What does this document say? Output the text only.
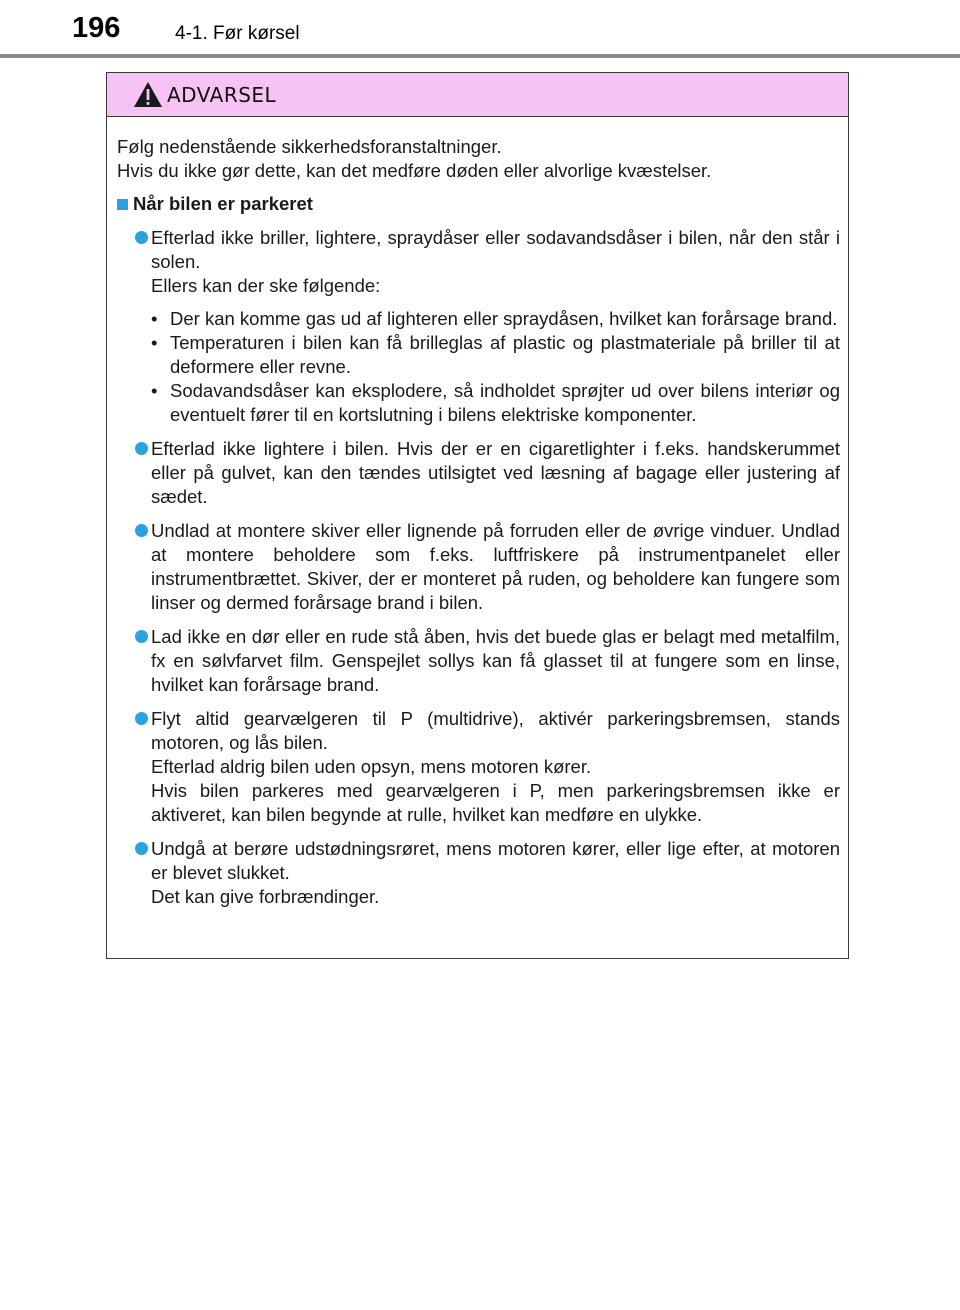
196	4-1. Før kørsel
ADVARSEL

Følg nedenstående sikkerhedsforanstaltninger.

Hvis du ikke gør dette, kan det medføre døden eller alvorlige kvæstelser.

Når bilen er parkeret

Efterlad ikke briller, lightere, spraydåser eller sodavandsdåser i bilen, når den står i solen.

Ellers kan der ske følgende:

• Der kan komme gas ud af lighteren eller spraydåsen, hvilket kan forårsage brand.
• Temperaturen i bilen kan få brilleglas af plastic og plastmateriale på briller til at deformere eller revne.
• Sodavandsdåser kan eksplodere, så indholdet sprøjter ud over bilens interiør og eventuelt fører til en kortslutning i bilens elektriske komponenter.

Efterlad ikke lightere i bilen. Hvis der er en cigaretlighter i f.eks. handskerummet eller på gulvet, kan den tændes utilsigtet ved læsning af bagage eller justering af sædet.

Undlad at montere skiver eller lignende på forruden eller de øvrige vinduer. Undlad at montere beholdere som f.eks. luftfriskere på instrumentpanelet eller instrumentbrættet. Skiver, der er monteret på ruden, og beholdere kan fungere som linser og dermed forårsage brand i bilen.

Lad ikke en dør eller en rude stå åben, hvis det buede glas er belagt med metalfilm, fx en sølvfarvet film. Genspejlet sollys kan få glasset til at fungere som en linse, hvilket kan forårsage brand.

Flyt altid gearvælgeren til P (multidrive), aktivér parkeringsbremsen, stands motoren, og lås bilen.

Efterlad aldrig bilen uden opsyn, mens motoren kører.

Hvis bilen parkeres med gearvælgeren i P, men parkeringsbremsen ikke er aktiveret, kan bilen begynde at rulle, hvilket kan medføre en ulykke.

Undgå at berøre udstødningsrøret, mens motoren kører, eller lige efter, at motoren er blevet slukket.

Det kan give forbrændinger.
